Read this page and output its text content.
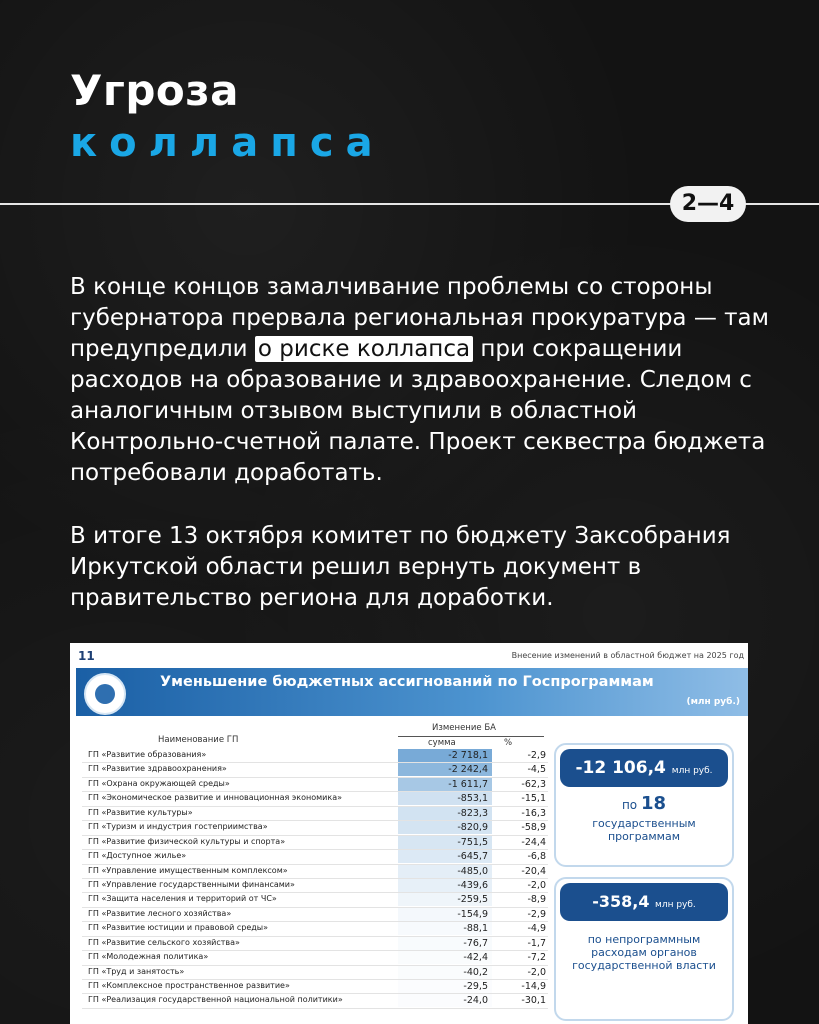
Угроза
коллапса
2—4
В конце концов замалчивание проблемы со стороны губернатора прервала региональная прокуратура — там предупредили о риске коллапса при сокращении расходов на образование и здравоохранение. Следом с аналогичным отзывом выступили в областной Контрольно-счетной палате. Проект секвестра бюджета потребовали доработать.
В итоге 13 октября комитет по бюджету Заксобрания Иркутской области решил вернуть документ в правительство региона для доработки.
11	Внесение изменений в областной бюджет на 2025 год
Уменьшение бюджетных ассигнований по Госпрограммам
(млн руб.)
Наименование ГП
Изменение БА
сумма	%
ГП «Развитие образования»	-2 718,1	-2,9
ГП «Развитие здравоохранения»	-2 242,4	-4,5
ГП «Охрана окружающей среды»	-1 611,7	-62,3
ГП «Экономическое развитие и инновационная экономика»	-853,1	-15,1
ГП «Развитие культуры»	-823,3	-16,3
ГП «Туризм и индустрия гостеприимства»	-820,9	-58,9
ГП «Развитие физической культуры и спорта»	-751,5	-24,4
ГП «Доступное жилье»	-645,7	-6,8
ГП «Управление имущественным комплексом»	-485,0	-20,4
ГП «Управление государственными финансами»	-439,6	-2,0
ГП «Защита населения и территорий от ЧС»	-259,5	-8,9
ГП «Развитие лесного хозяйства»	-154,9	-2,9
ГП «Развитие юстиции и правовой среды»	-88,1	-4,9
ГП «Развитие сельского хозяйства»	-76,7	-1,7
ГП «Молодежная политика»	-42,4	-7,2
ГП «Труд и занятость»	-40,2	-2,0
ГП «Комплексное пространственное развитие»	-29,5	-14,9
ГП «Реализация государственной национальной политики»	-24,0	-30,1
-12 106,4 млн руб.
по 18
государственным программам
-358,4 млн руб.
по непрограммным расходам органов государственной власти
